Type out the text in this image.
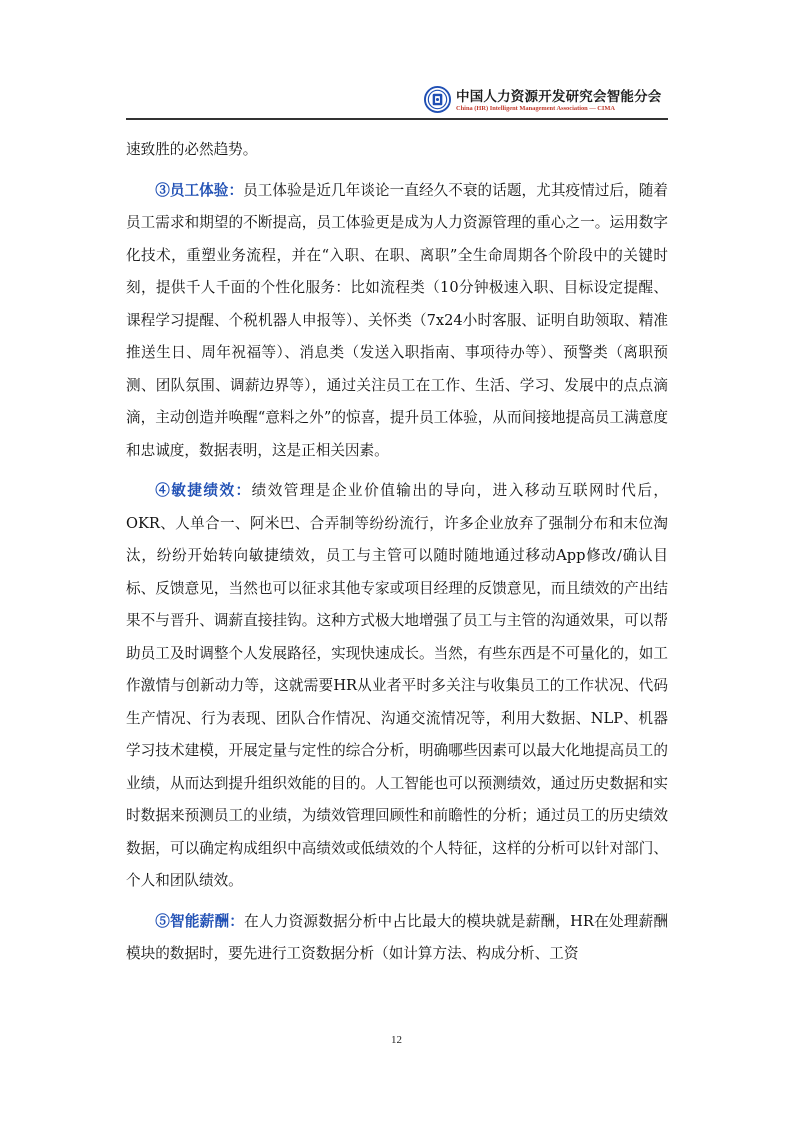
中国人力资源开发研究会智能分会
China (HR) Intelligent Management Association — CIMA

速致胜的必然趋势。

③员工体验：员工体验是近几年谈论一直经久不衰的话题，尤其疫情过后，随着员工需求和期望的不断提高，员工体验更是成为人力资源管理的重心之一。运用数字化技术，重塑业务流程，并在“入职、在职、离职”全生命周期各个阶段中的关键时刻，提供千人千面的个性化服务：比如流程类（10分钟极速入职、目标设定提醒、课程学习提醒、个税机器人申报等）、关怀类（7x24小时客服、证明自助领取、精准推送生日、周年祝福等）、消息类（发送入职指南、事项待办等）、预警类（离职预测、团队氛围、调薪边界等），通过关注员工在工作、生活、学习、发展中的点点滴滴，主动创造并唤醒“意料之外”的惊喜，提升员工体验，从而间接地提高员工满意度和忠诚度，数据表明，这是正相关因素。

④敏捷绩效：绩效管理是企业价值输出的导向，进入移动互联网时代后，OKR、人单合一、阿米巴、合弄制等纷纷流行，许多企业放弃了强制分布和末位淘汰，纷纷开始转向敏捷绩效，员工与主管可以随时随地通过移动App修改/确认目标、反馈意见，当然也可以征求其他专家或项目经理的反馈意见，而且绩效的产出结果不与晋升、调薪直接挂钩。这种方式极大地增强了员工与主管的沟通效果，可以帮助员工及时调整个人发展路径，实现快速成长。当然，有些东西是不可量化的，如工作激情与创新动力等，这就需要HR从业者平时多关注与收集员工的工作状况、代码生产情况、行为表现、团队合作情况、沟通交流情况等，利用大数据、NLP、机器学习技术建模，开展定量与定性的综合分析，明确哪些因素可以最大化地提高员工的业绩，从而达到提升组织效能的目的。人工智能也可以预测绩效，通过历史数据和实时数据来预测员工的业绩，为绩效管理回顾性和前瞻性的分析；通过员工的历史绩效数据，可以确定构成组织中高绩效或低绩效的个人特征，这样的分析可以针对部门、个人和团队绩效。

⑤智能薪酬：在人力资源数据分析中占比最大的模块就是薪酬，HR在处理薪酬模块的数据时，要先进行工资数据分析（如计算方法、构成分析、工资

12
